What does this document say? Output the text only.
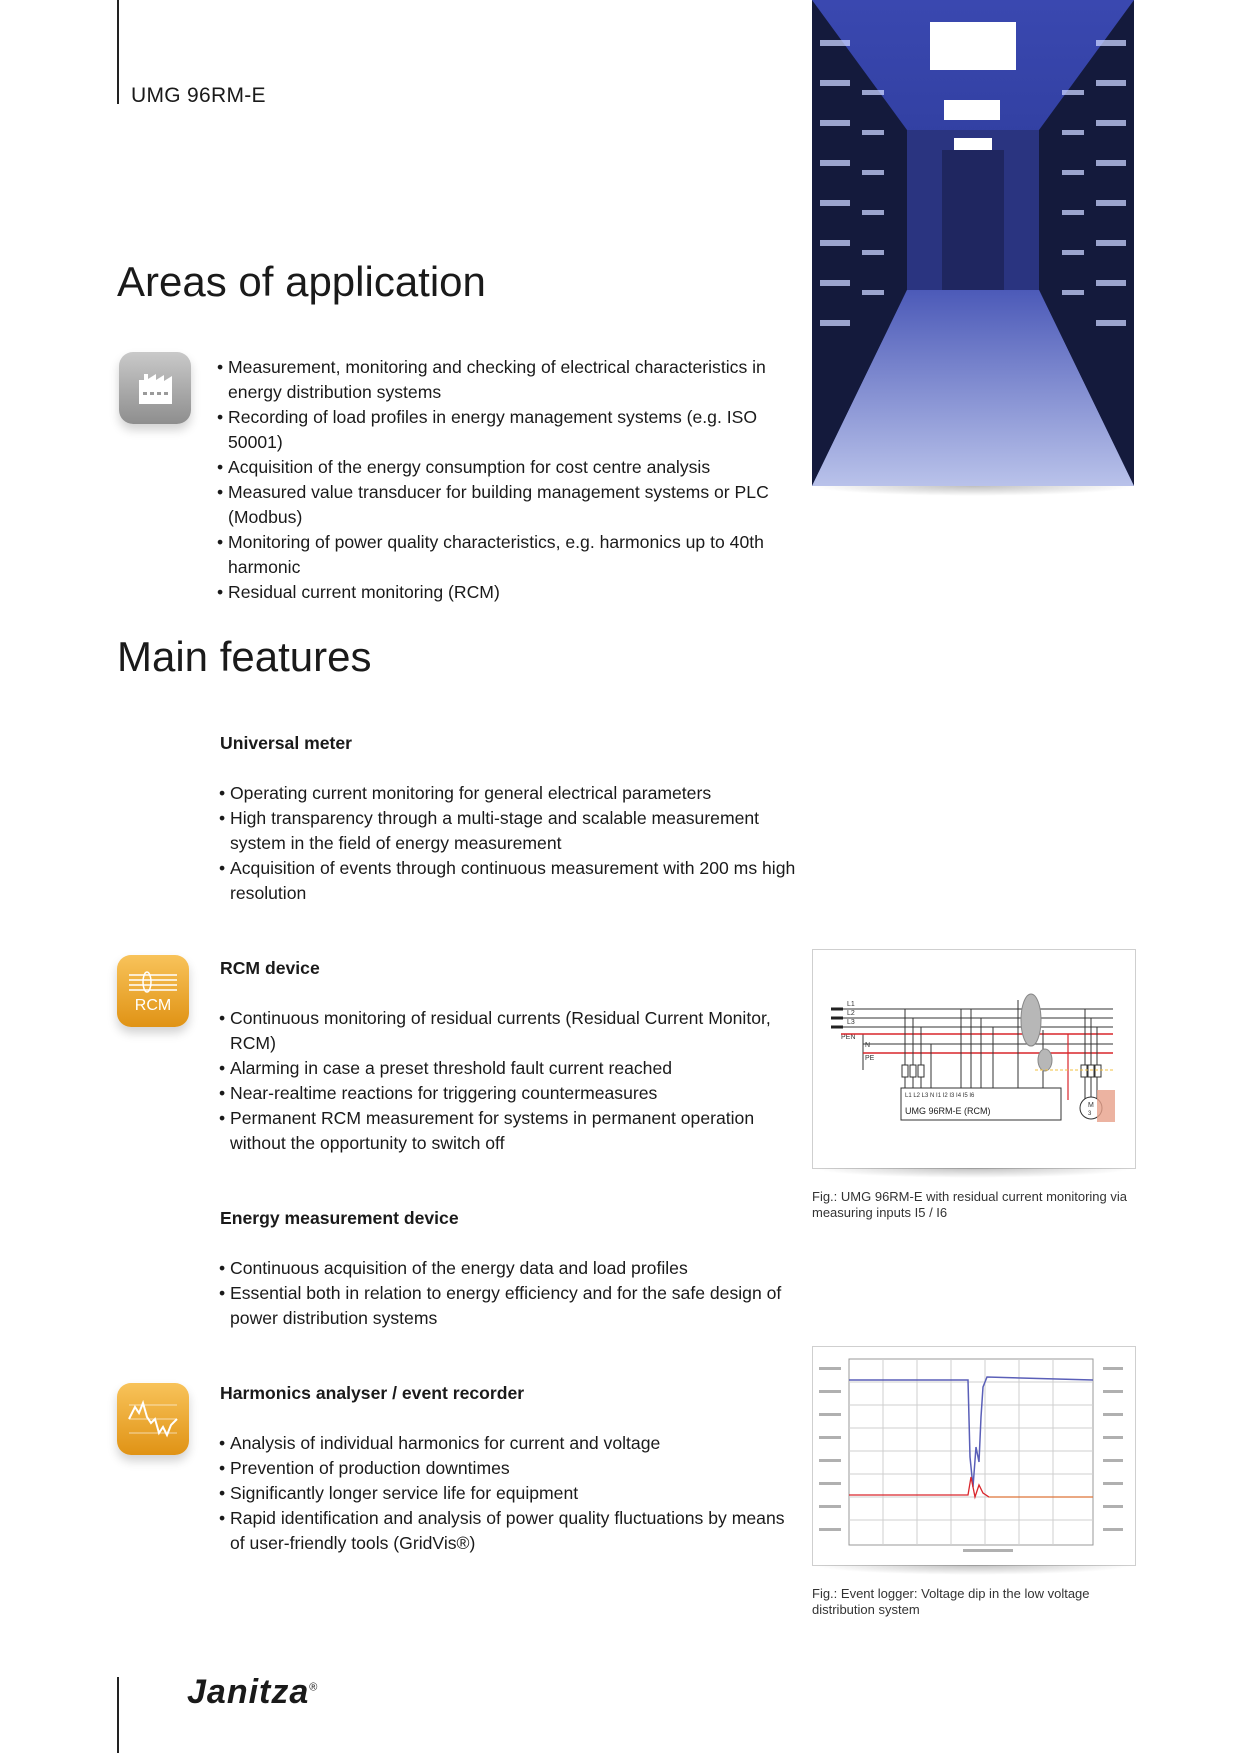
UMG 96RM-E
Areas of application
• Measurement, monitoring and checking of electrical characteristics in energy distribution systems
• Recording of load profiles in energy management systems (e.g. ISO 50001)
• Acquisition of the energy consumption for cost centre analysis
• Measured value transducer for building management systems or PLC (Modbus)
• Monitoring of power quality characteristics, e.g. harmonics up to 40th harmonic
• Residual current monitoring (RCM)
Main features
Universal meter
• Operating current monitoring for general electrical parameters
• High transparency through a multi-stage and scalable measurement system in the field of energy measurement
• Acquisition of events through continuous measurement with 200 ms high resolution
RCM
RCM device
• Continuous monitoring of residual currents (Residual Current Monitor, RCM)
• Alarming in case a preset threshold fault current reached
• Near-realtime reactions for triggering countermeasures
• Permanent RCM measurement for systems in permanent operation without the opportunity to switch off
L1
L2
L3
PEN
N
PE
L1 L2 L3 N I1 I2 I3 I4 I5 I6
UMG 96RM-E (RCM)
M
3
Fig.: UMG 96RM-E with residual current monitoring via measuring inputs I5 / I6
Energy measurement device
• Continuous acquisition of the energy data and load profiles
• Essential both in relation to energy efficiency and for the safe design of power distribution systems
Harmonics analyser / event recorder
• Analysis of individual harmonics for current and voltage
• Prevention of production downtimes
• Significantly longer service life for equipment
• Rapid identification and analysis of power quality fluctuations by means of user-friendly tools (GridVis®)
Fig.: Event logger: Voltage dip in the low voltage distribution system
Janitza®
